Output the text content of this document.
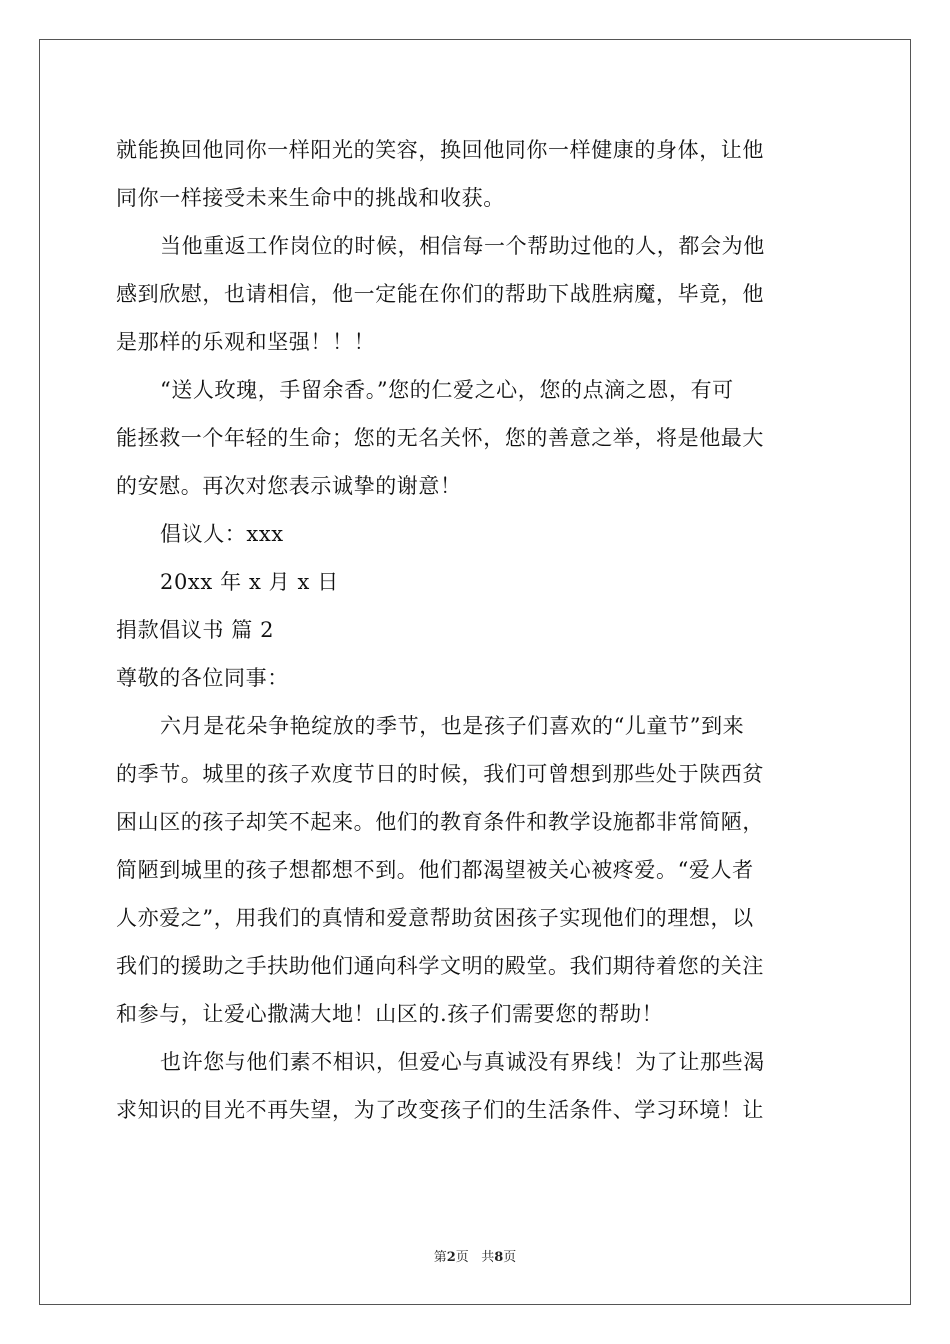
就能换回他同你一样阳光的笑容，换回他同你一样健康的身体，让他
同你一样接受未来生命中的挑战和收获。
当他重返工作岗位的时候，相信每一个帮助过他的人，都会为他
感到欣慰，也请相信，他一定能在你们的帮助下战胜病魔，毕竟，他
是那样的乐观和坚强！！！
“送人玫瑰，手留余香。”您的仁爱之心，您的点滴之恩，有可
能拯救一个年轻的生命；您的无名关怀，您的善意之举，将是他最大
的安慰。再次对您表示诚挚的谢意！
倡议人：xxx
20xx 年 x 月 x 日
捐款倡议书 篇 2
尊敬的各位同事：
六月是花朵争艳绽放的季节，也是孩子们喜欢的“儿童节”到来
的季节。城里的孩子欢度节日的时候，我们可曾想到那些处于陕西贫
困山区的孩子却笑不起来。他们的教育条件和教学设施都非常简陋，
简陋到城里的孩子想都想不到。他们都渴望被关心被疼爱。“爱人者
人亦爱之”，用我们的真情和爱意帮助贫困孩子实现他们的理想，以
我们的援助之手扶助他们通向科学文明的殿堂。我们期待着您的关注
和参与，让爱心撒满大地！山区的.孩子们需要您的帮助！
也许您与他们素不相识，但爱心与真诚没有界线！为了让那些渴
求知识的目光不再失望，为了改变孩子们的生活条件、学习环境！让
第2页 共8页
